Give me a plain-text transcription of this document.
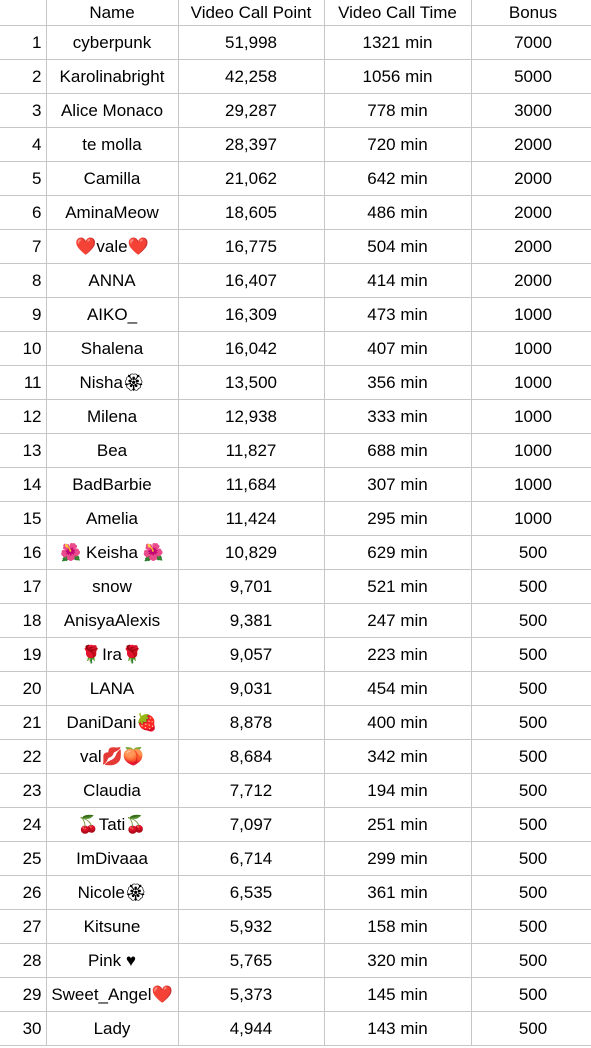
	Name	Video Call Point	Video Call Time	Bonus
1	cyberpunk	51,998	1321 min	7000
2	Karolinabright	42,258	1056 min	5000
3	Alice Monaco	29,287	778 min	3000
4	te molla	28,397	720 min	2000
5	Camilla	21,062	642 min	2000
6	AminaMeow	18,605	486 min	2000
7	❤️vale❤️	16,775	504 min	2000
8	ANNA	16,407	414 min	2000
9	AIKO_	16,309	473 min	1000
10	Shalena	16,042	407 min	1000
11	Nisha🏵	13,500	356 min	1000
12	Milena	12,938	333 min	1000
13	Bea	11,827	688 min	1000
14	BadBarbie	11,684	307 min	1000
15	Amelia	11,424	295 min	1000
16	🌺 Keisha 🌺	10,829	629 min	500
17	snow	9,701	521 min	500
18	AnisyaAlexis	9,381	247 min	500
19	🌹Ira🌹	9,057	223 min	500
20	LANA	9,031	454 min	500
21	DaniDani🍓	8,878	400 min	500
22	val💋🍑	8,684	342 min	500
23	Claudia	7,712	194 min	500
24	🍒Tati🍒	7,097	251 min	500
25	ImDivaaa	6,714	299 min	500
26	Nicole🏵	6,535	361 min	500
27	Kitsune	5,932	158 min	500
28	Pink ♥︎	5,765	320 min	500
29	Sweet_Angel❤️	5,373	145 min	500
30	Lady	4,944	143 min	500
